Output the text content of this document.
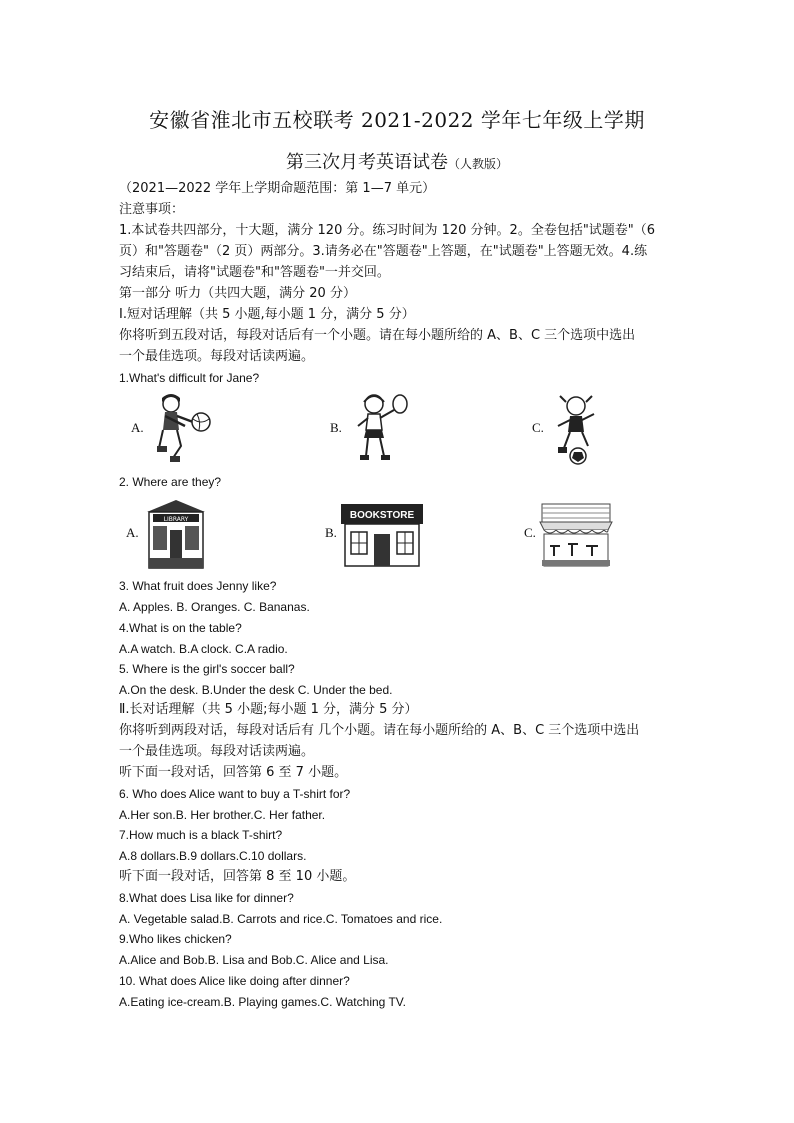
安徽省淮北市五校联考 2021-2022 学年七年级上学期
第三次月考英语试卷（人教版）
（2021—2022 学年上学期命题范围：第 1—7 单元）
注意事项：
1.本试卷共四部分，十大题，满分 120 分。练习时间为 120 分钟。2。全卷包括"试题卷"（6
页）和"答题卷"（2 页）两部分。3.请务必在"答题卷"上答题，在"试题卷"上答题无效。4.练
习结束后，请将"试题卷"和"答题卷"一并交回。
第一部分 听力（共四大题，满分 20 分）
Ⅰ.短对话理解（共 5 小题,每小题 1 分，满分 5 分）
你将听到五段对话，每段对话后有一个小题。请在每小题所给的 A、B、C 三个选项中选出
一个最佳选项。每段对话读两遍。
1.What's difficult for Jane?
A.	B.	C.
2. Where are they?
A.
LIBRARY
B.
BOOKSTORE
C.
3. What fruit does Jenny like?
A. Apples. B. Oranges. C. Bananas.
4.What is on the table?
A.A watch. B.A clock. C.A radio.
5. Where is the girl's soccer ball?
A.On the desk. B.Under the desk C. Under the bed.
Ⅱ.长对话理解（共 5 小题;每小题 1 分，满分 5 分）
你将听到两段对话，每段对话后有 几个小题。请在每小题所给的 A、B、C 三个选项中选出
一个最佳选项。每段对话读两遍。
听下面一段对话，回答第 6 至 7 小题。
6. Who does Alice want to buy a T-shirt for?
A.Her son.B. Her brother.C. Her father.
7.How much is a black T-shirt?
A.8 dollars.B.9 dollars.C.10 dollars.
听下面一段对话，回答第 8 至 10 小题。
8.What does Lisa like for dinner?
A. Vegetable salad.B. Carrots and rice.C. Tomatoes and rice.
9.Who likes chicken?
A.Alice and Bob.B. Lisa and Bob.C. Alice and Lisa.
10. What does Alice like doing after dinner?
A.Eating ice-cream.B. Playing games.C. Watching TV.
